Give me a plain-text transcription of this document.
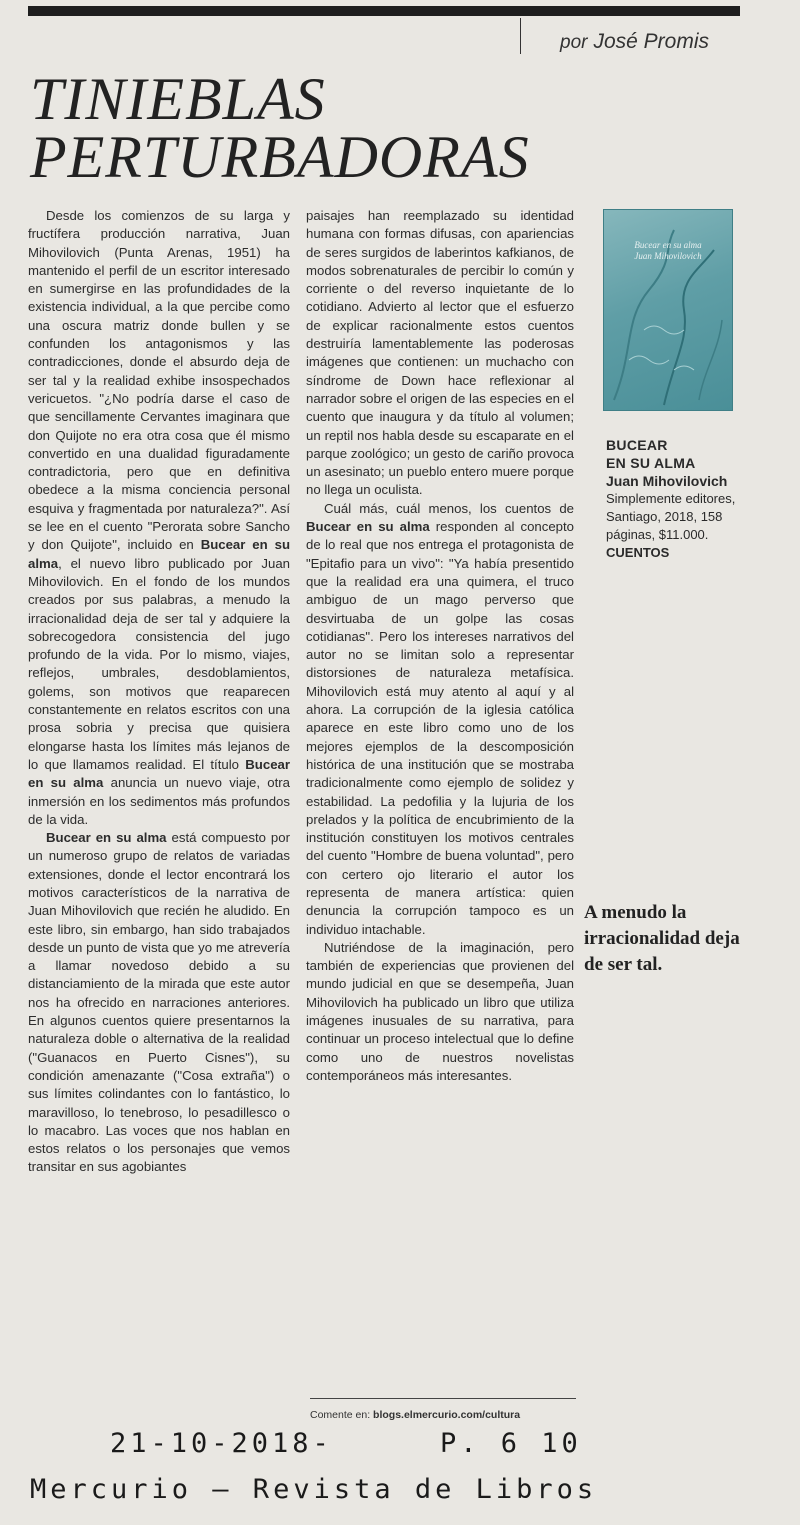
por José Promis
TINIEBLAS
PERTURBADORAS

Desde los comienzos de su larga y fructífera producción narrativa, Juan Mihovilovich (Punta Arenas, 1951) ha mantenido el perfil de un escritor interesado en sumergirse en las profundidades de la existencia individual, a la que percibe como una oscura matriz donde bullen y se confunden los antagonismos y las contradicciones, donde el absurdo deja de ser tal y la realidad exhibe insospechados vericuetos. "¿No podría darse el caso de que sencillamente Cervantes imaginara que don Quijote no era otra cosa que él mismo convertido en una dualidad figuradamente contradictoria, pero que en definitiva obedece a la misma conciencia personal esquiva y fragmentada por naturaleza?". Así se lee en el cuento "Perorata sobre Sancho y don Quijote", incluido en Bucear en su alma, el nuevo libro publicado por Juan Mihovilovich. En el fondo de los mundos creados por sus palabras, a menudo la irracionalidad deja de ser tal y adquiere la sobrecogedora consistencia del jugo profundo de la vida. Por lo mismo, viajes, reflejos, umbrales, desdoblamientos, golems, son motivos que reaparecen constantemente en relatos escritos con una prosa sobria y precisa que quisiera elongarse hasta los límites más lejanos de lo que llamamos realidad. El título Bucear en su alma anuncia un nuevo viaje, otra inmersión en los sedimentos más profundos de la vida.

Bucear en su alma está compuesto por un numeroso grupo de relatos de variadas extensiones, donde el lector encontrará los motivos característicos de la narrativa de Juan Mihovilovich que recién he aludido. En este libro, sin embargo, han sido trabajados desde un punto de vista que yo me atrevería a llamar novedoso debido a su distanciamiento de la mirada que este autor nos ha ofrecido en narraciones anteriores. En algunos cuentos quiere presentarnos la naturaleza doble o alternativa de la realidad ("Guanacos en Puerto Cisnes"), su condición amenazante ("Cosa extraña") o sus límites colindantes con lo fantástico, lo maravilloso, lo tenebroso, lo pesadillesco o lo macabro. Las voces que nos hablan en estos relatos o los personajes que vemos transitar en sus agobiantes

paisajes han reemplazado su identidad humana con formas difusas, con apariencias de seres surgidos de laberintos kafkianos, de modos sobrenaturales de percibir lo común y corriente o del reverso inquietante de lo cotidiano. Advierto al lector que el esfuerzo de explicar racionalmente estos cuentos destruiría lamentablemente las poderosas imágenes que contienen: un muchacho con síndrome de Down hace reflexionar al narrador sobre el origen de las especies en el cuento que inaugura y da título al volumen; un reptil nos habla desde su escaparate en el parque zoológico; un gesto de cariño provoca un asesinato; un pueblo entero muere porque no llega un oculista.

Cuál más, cuál menos, los cuentos de Bucear en su alma responden al concepto de lo real que nos entrega el protagonista de "Epitafio para un vivo": "Ya había presentido que la realidad era una quimera, el truco ambiguo de un mago perverso que desvirtuaba de un golpe las cosas cotidianas". Pero los intereses narrativos del autor no se limitan solo a representar distorsiones de naturaleza metafísica. Mihovilovich está muy atento al aquí y al ahora. La corrupción de la iglesia católica aparece en este libro como uno de los mejores ejemplos de la descomposición histórica de una institución que se mostraba tradicionalmente como ejemplo de solidez y estabilidad. La pedofilia y la lujuria de los prelados y la política de encubrimiento de la institución constituyen los motivos centrales del cuento "Hombre de buena voluntad", pero con certero ojo literario el autor los representa de manera artística: quien denuncia la corrupción tampoco es un individuo intachable.

Nutriéndose de la imaginación, pero también de experiencias que provienen del mundo judicial en que se desempeña, Juan Mihovilovich ha publicado un libro que utiliza imágenes inusuales de su narrativa, para continuar un proceso intelectual que lo define como uno de nuestros novelistas contemporáneos más interesantes.

Bucear en su alma
Juan Mihovilovich
BUCEAR
EN SU ALMA
Juan Mihovilovich
Simplemente editores,
Santiago, 2018, 158 páginas, $11.000.
CUENTOS

A menudo la irracionalidad deja de ser tal.

Comente en: blogs.elmercurio.com/cultura
21-10-2018-	P. 6 10
Mercurio – Revista de Libros
